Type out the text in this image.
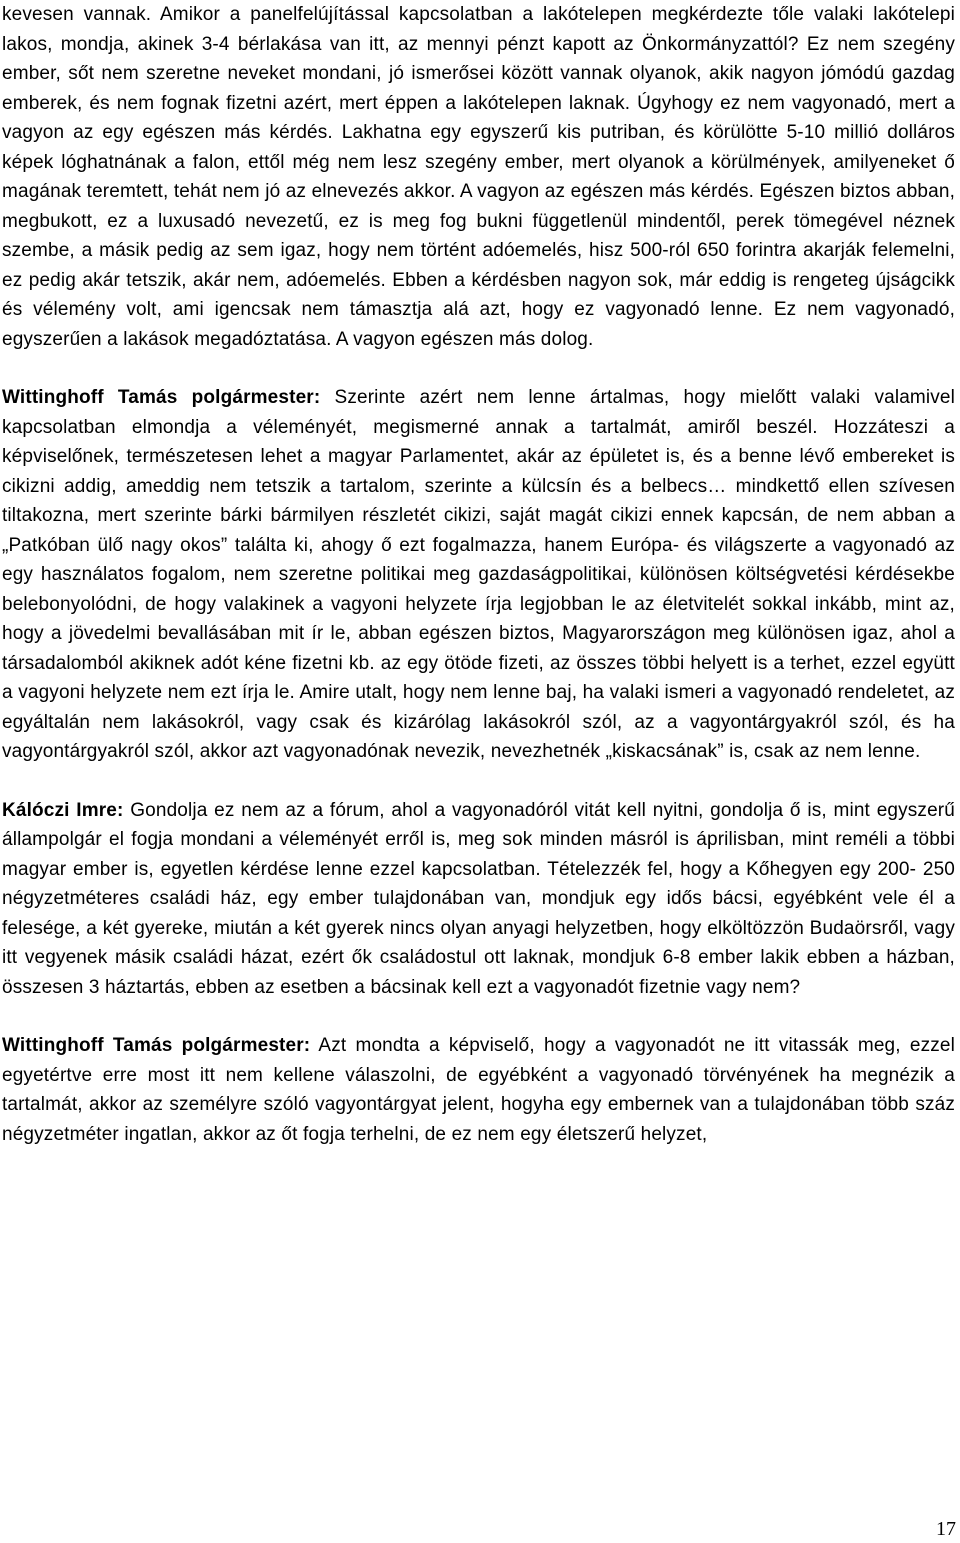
kevesen vannak. Amikor a panelfelújítással kapcsolatban a lakótelepen megkérdezte tőle valaki lakótelepi lakos, mondja, akinek 3-4 bérlakása van itt, az mennyi pénzt kapott az Önkormányzattól? Ez nem szegény ember, sőt nem szeretne neveket mondani, jó ismerősei között vannak olyanok, akik nagyon jómódú gazdag emberek, és nem fognak fizetni azért, mert éppen a lakótelepen laknak. Úgyhogy ez nem vagyonadó, mert a vagyon az egy egészen más kérdés. Lakhatna egy egyszerű kis putriban, és körülötte 5-10 millió dolláros képek lóghatnának a falon, ettől még nem lesz szegény ember, mert olyanok a körülmények, amilyeneket ő magának teremtett, tehát nem jó az elnevezés akkor. A vagyon az egészen más kérdés. Egészen biztos abban, megbukott, ez a luxusadó nevezetű, ez is meg fog bukni függetlenül mindentől, perek tömegével néznek szembe, a másik pedig az sem igaz, hogy nem történt adóemelés, hisz 500-ról 650 forintra akarják felemelni, ez pedig akár tetszik, akár nem, adóemelés. Ebben a kérdésben nagyon sok, már eddig is rengeteg újságcikk és vélemény volt, ami igencsak nem támasztja alá azt, hogy ez vagyonadó lenne. Ez nem vagyonadó, egyszerűen a lakások megadóztatása. A vagyon egészen más dolog.

Wittinghoff Tamás polgármester: Szerinte azért nem lenne ártalmas, hogy mielőtt valaki valamivel kapcsolatban elmondja a véleményét, megismerné annak a tartalmát, amiről beszél. Hozzáteszi a képviselőnek, természetesen lehet a magyar Parlamentet, akár az épületet is, és a benne lévő embereket is cikizni addig, ameddig nem tetszik a tartalom, szerinte a külcsín és a belbecs… mindkettő ellen szívesen tiltakozna, mert szerinte bárki bármilyen részletét cikizi, saját magát cikizi ennek kapcsán, de nem abban a „Patkóban ülő nagy okos” találta ki, ahogy ő ezt fogalmazza, hanem Európa- és világszerte a vagyonadó az egy használatos fogalom, nem szeretne politikai meg gazdaságpolitikai, különösen költségvetési kérdésekbe belebonyolódni, de hogy valakinek a vagyoni helyzete írja legjobban le az életvitelét sokkal inkább, mint az, hogy a jövedelmi bevallásában mit ír le, abban egészen biztos, Magyarországon meg különösen igaz, ahol a társadalomból akiknek adót kéne fizetni kb. az egy ötöde fizeti, az összes többi helyett is a terhet, ezzel együtt a vagyoni helyzete nem ezt írja le. Amire utalt, hogy nem lenne baj, ha valaki ismeri a vagyonadó rendeletet, az egyáltalán nem lakásokról, vagy csak és kizárólag lakásokról szól, az a vagyontárgyakról szól, és ha vagyontárgyakról szól, akkor azt vagyonadónak nevezik, nevezhetnék „kiskacsának” is, csak az nem lenne.

Kálóczi Imre: Gondolja ez nem az a fórum, ahol a vagyonadóról vitát kell nyitni, gondolja ő is, mint egyszerű állampolgár el fogja mondani a véleményét erről is, meg sok minden másról is áprilisban, mint reméli a többi magyar ember is, egyetlen kérdése lenne ezzel kapcsolatban. Tételezzék fel, hogy a Kőhegyen egy 200- 250 négyzetméteres családi ház, egy ember tulajdonában van, mondjuk egy idős bácsi, egyébként vele él a felesége, a két gyereke, miután a két gyerek nincs olyan anyagi helyzetben, hogy elköltözzön Budaörsről, vagy itt vegyenek másik családi házat, ezért ők családostul ott laknak, mondjuk 6-8 ember lakik ebben a házban, összesen 3 háztartás, ebben az esetben a bácsinak kell ezt a vagyonadót fizetnie vagy nem?

Wittinghoff Tamás polgármester: Azt mondta a képviselő, hogy a vagyonadót ne itt vitassák meg, ezzel egyetértve erre most itt nem kellene válaszolni, de egyébként a vagyonadó törvényének ha megnézik a tartalmát, akkor az személyre szóló vagyontárgyat jelent, hogyha egy embernek van a tulajdonában több száz négyzetméter ingatlan, akkor az őt fogja terhelni, de ez nem egy életszerű helyzet,

17
